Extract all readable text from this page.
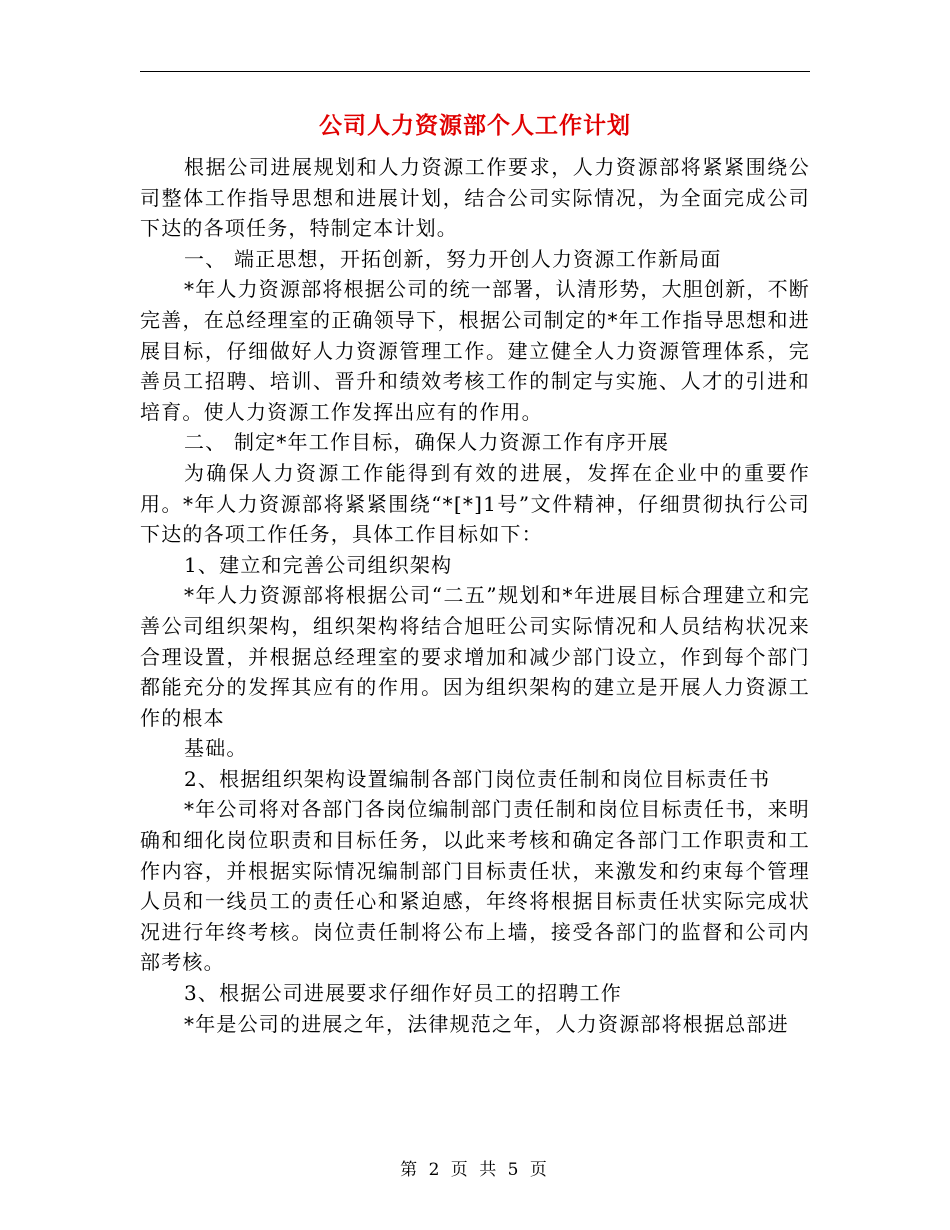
公司人力资源部个人工作计划

根据公司进展规划和人力资源工作要求，人力资源部将紧紧围绕公司整体工作指导思想和进展计划，结合公司实际情况，为全面完成公司下达的各项任务，特制定本计划。

一、 端正思想，开拓创新，努力开创人力资源工作新局面

*年人力资源部将根据公司的统一部署，认清形势，大胆创新，不断完善，在总经理室的正确领导下，根据公司制定的*年工作指导思想和进展目标，仔细做好人力资源管理工作。建立健全人力资源管理体系，完善员工招聘、培训、晋升和绩效考核工作的制定与实施、人才的引进和培育。使人力资源工作发挥出应有的作用。

二、 制定*年工作目标，确保人力资源工作有序开展

为确保人力资源工作能得到有效的进展，发挥在企业中的重要作用。*年人力资源部将紧紧围绕“*[*]1号”文件精神，仔细贯彻执行公司下达的各项工作任务，具体工作目标如下：

1、建立和完善公司组织架构

*年人力资源部将根据公司“二五”规划和*年进展目标合理建立和完善公司组织架构，组织架构将结合旭旺公司实际情况和人员结构状况来合理设置，并根据总经理室的要求增加和减少部门设立，作到每个部门都能充分的发挥其应有的作用。因为组织架构的建立是开展人力资源工作的根本

基础。

2、根据组织架构设置编制各部门岗位责任制和岗位目标责任书

*年公司将对各部门各岗位编制部门责任制和岗位目标责任书，来明确和细化岗位职责和目标任务，以此来考核和确定各部门工作职责和工作内容，并根据实际情况编制部门目标责任状，来激发和约束每个管理人员和一线员工的责任心和紧迫感，年终将根据目标责任状实际完成状况进行年终考核。岗位责任制将公布上墙，接受各部门的监督和公司内部考核。

3、根据公司进展要求仔细作好员工的招聘工作

*年是公司的进展之年，法律规范之年，人力资源部将根据总部进

第 2 页 共 5 页
